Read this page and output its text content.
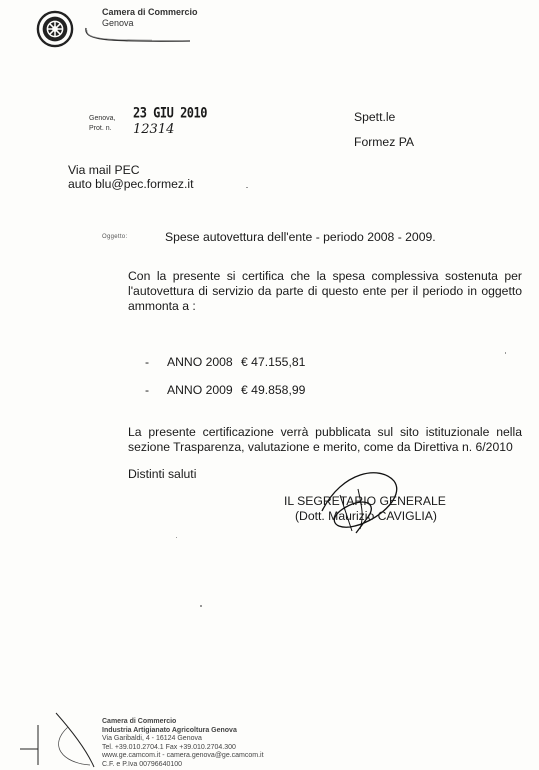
Camera di Commercio
Genova
Genova,
Prot. n.
23 GIU 2010
12314
Spett.le
Formez PA
Via mail PEC
auto blu@pec.formez.it
Oggetto:	Spese autovettura dell'ente - periodo 2008 - 2009.
Con la presente si certifica che la spesa complessiva sostenuta per l'autovettura di servizio da parte di questo ente per il periodo in oggetto ammonta a :
- ANNO 2008 € 47.155,81
- ANNO 2009 € 49.858,99
La presente certificazione verrà pubblicata sul sito istituzionale nella sezione Trasparenza, valutazione e merito, come da Direttiva n. 6/2010
Distinti saluti
IL SEGRETARIO GENERALE
(Dott. Maurizio CAVIGLIA)
Camera di Commercio
Industria Artigianato Agricoltura Genova
Via Garibaldi, 4 - 16124 Genova
Tel. +39.010.2704.1 Fax +39.010.2704.300
www.ge.camcom.it - camera.genova@ge.camcom.it
C.F. e P.Iva 00796640100
